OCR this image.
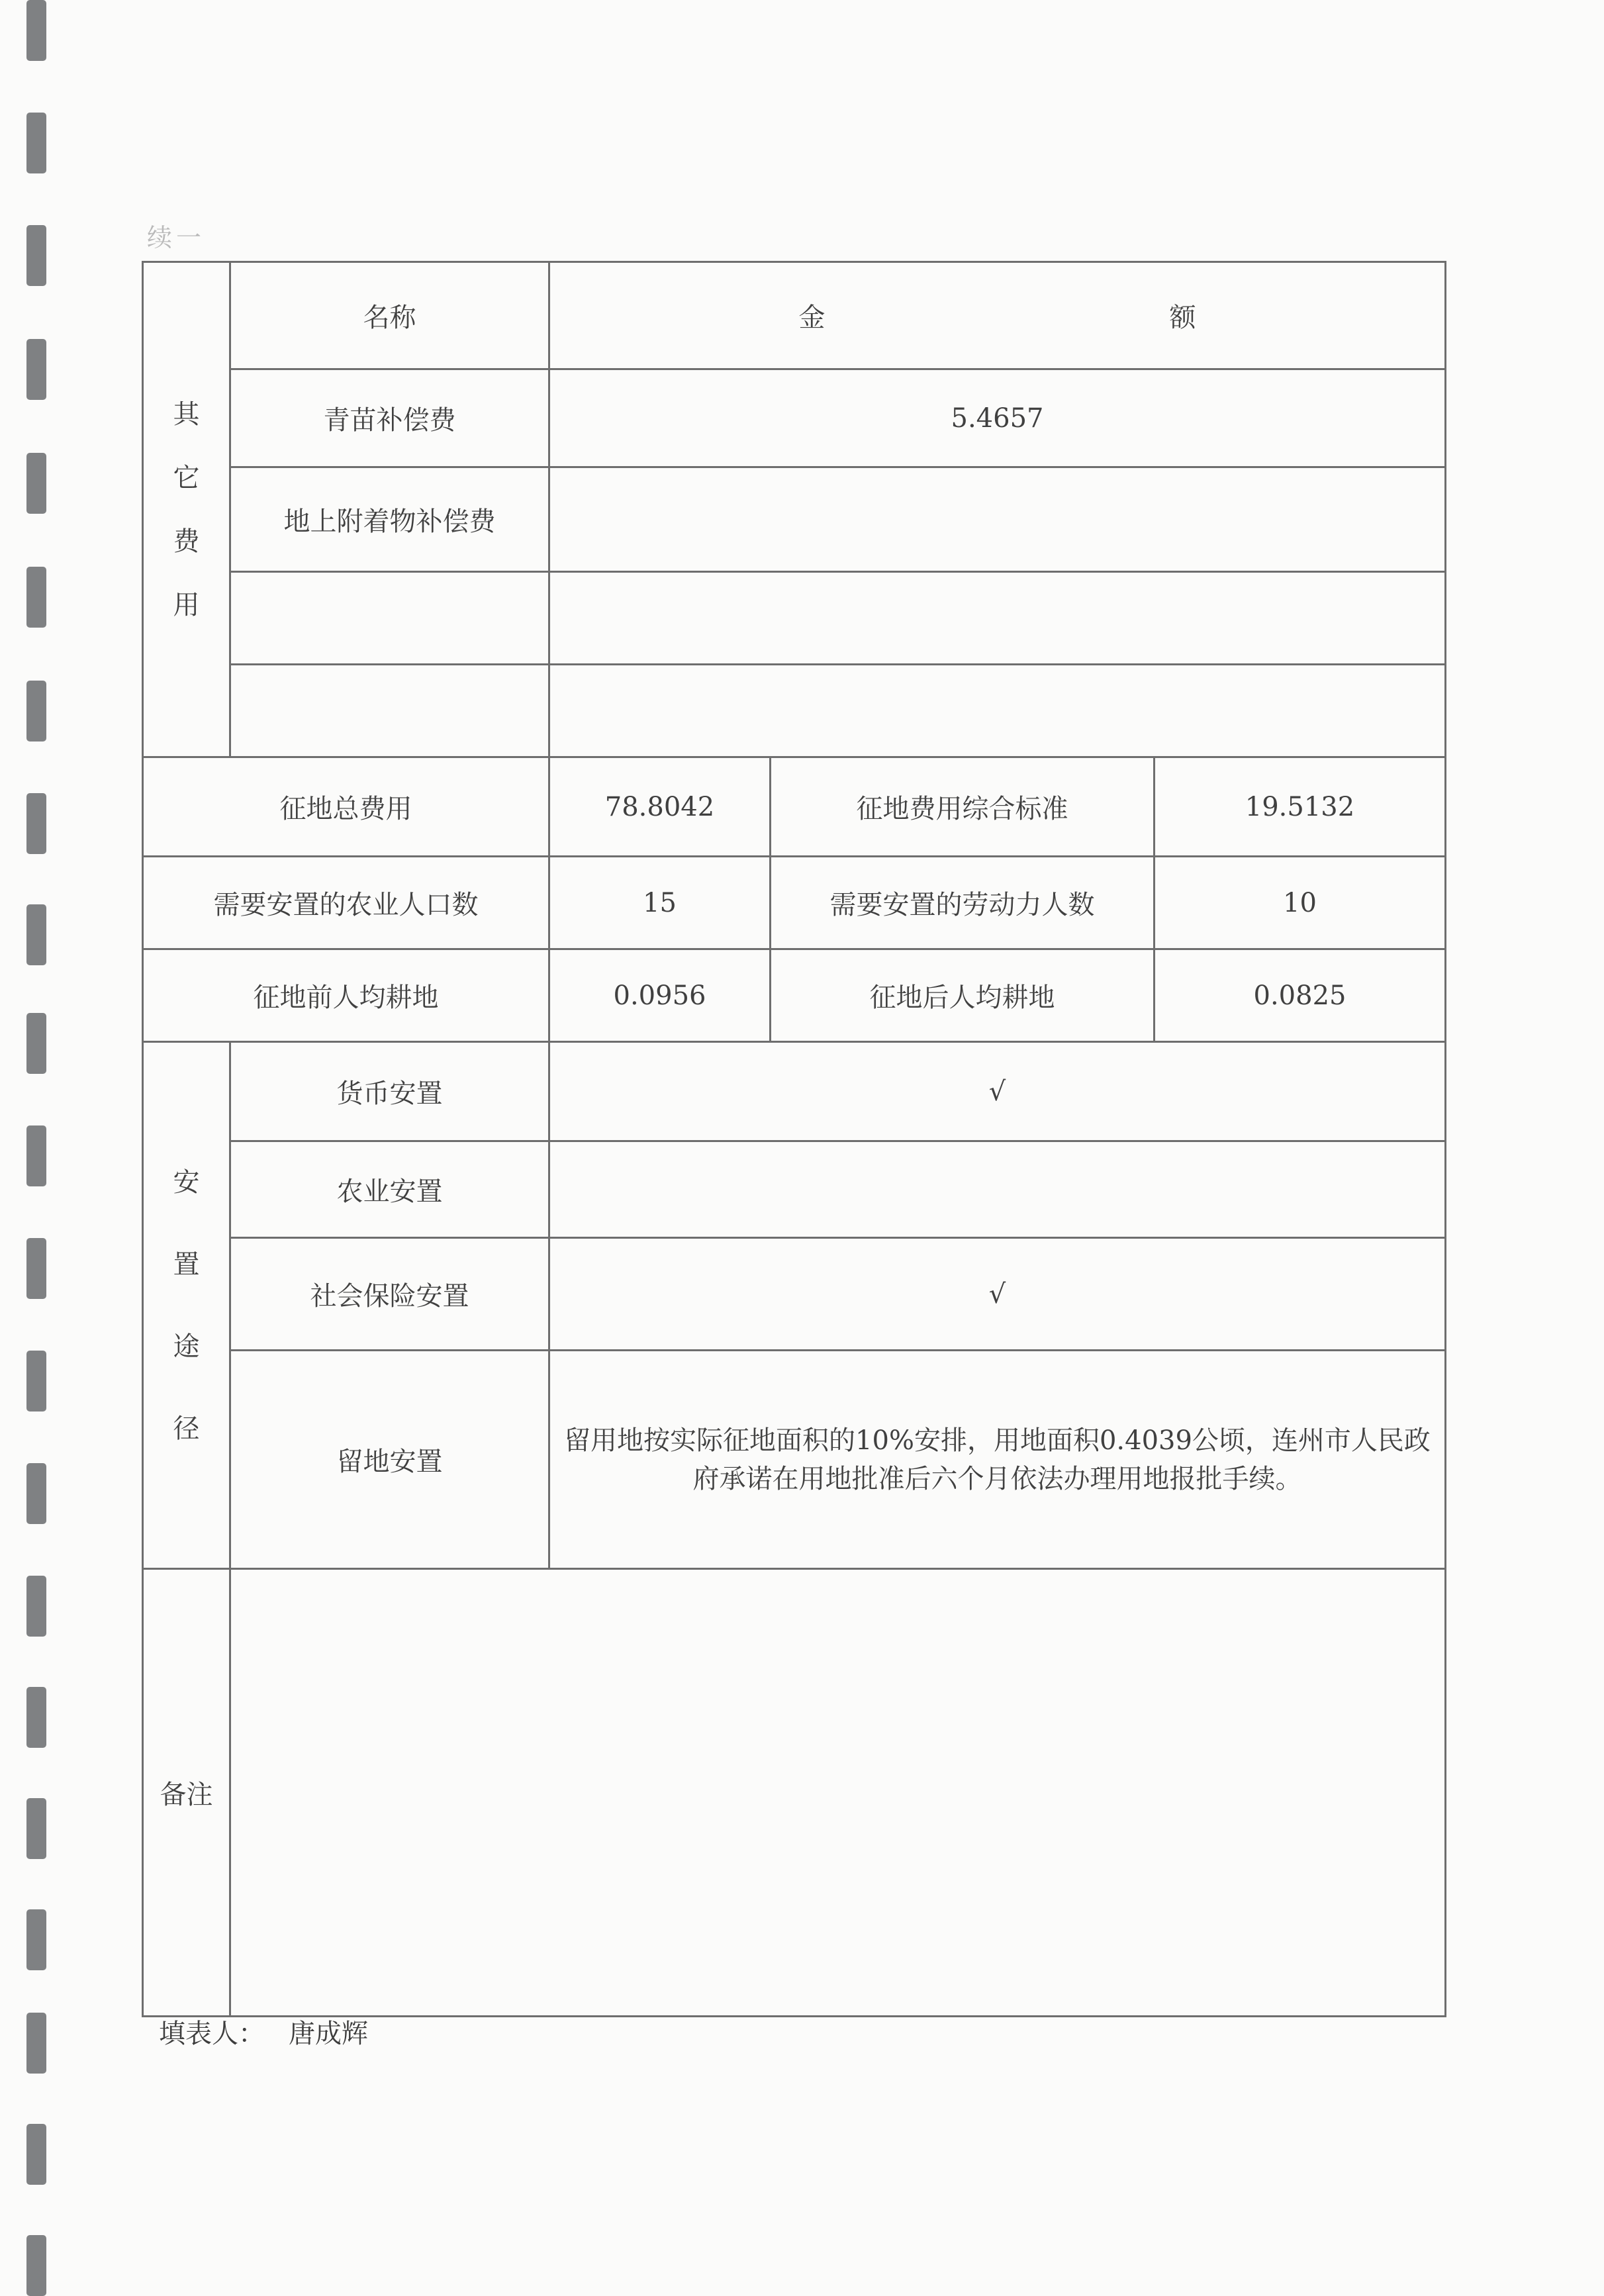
续一
其
它
费
用	名称	金　额		
	青苗补偿费	5.4657		
	地上附着物补偿费			

征地总费用		78.8042	征地费用综合标准	19.5132
需要安置的农业人口数		15	需要安置的劳动力人数	10
征地前人均耕地		0.0956	征地后人均耕地	0.0825

安
置
途
径	货币安置	√		
	农业安置			
	社会保险安置	√		
	留地安置	留用地按实际征地面积的10%安排，用地面积0.4039公顷，连州市人民政府承诺在用地批准后六个月依法办理用地报批手续。		
备注				
填表人： 唐成辉
